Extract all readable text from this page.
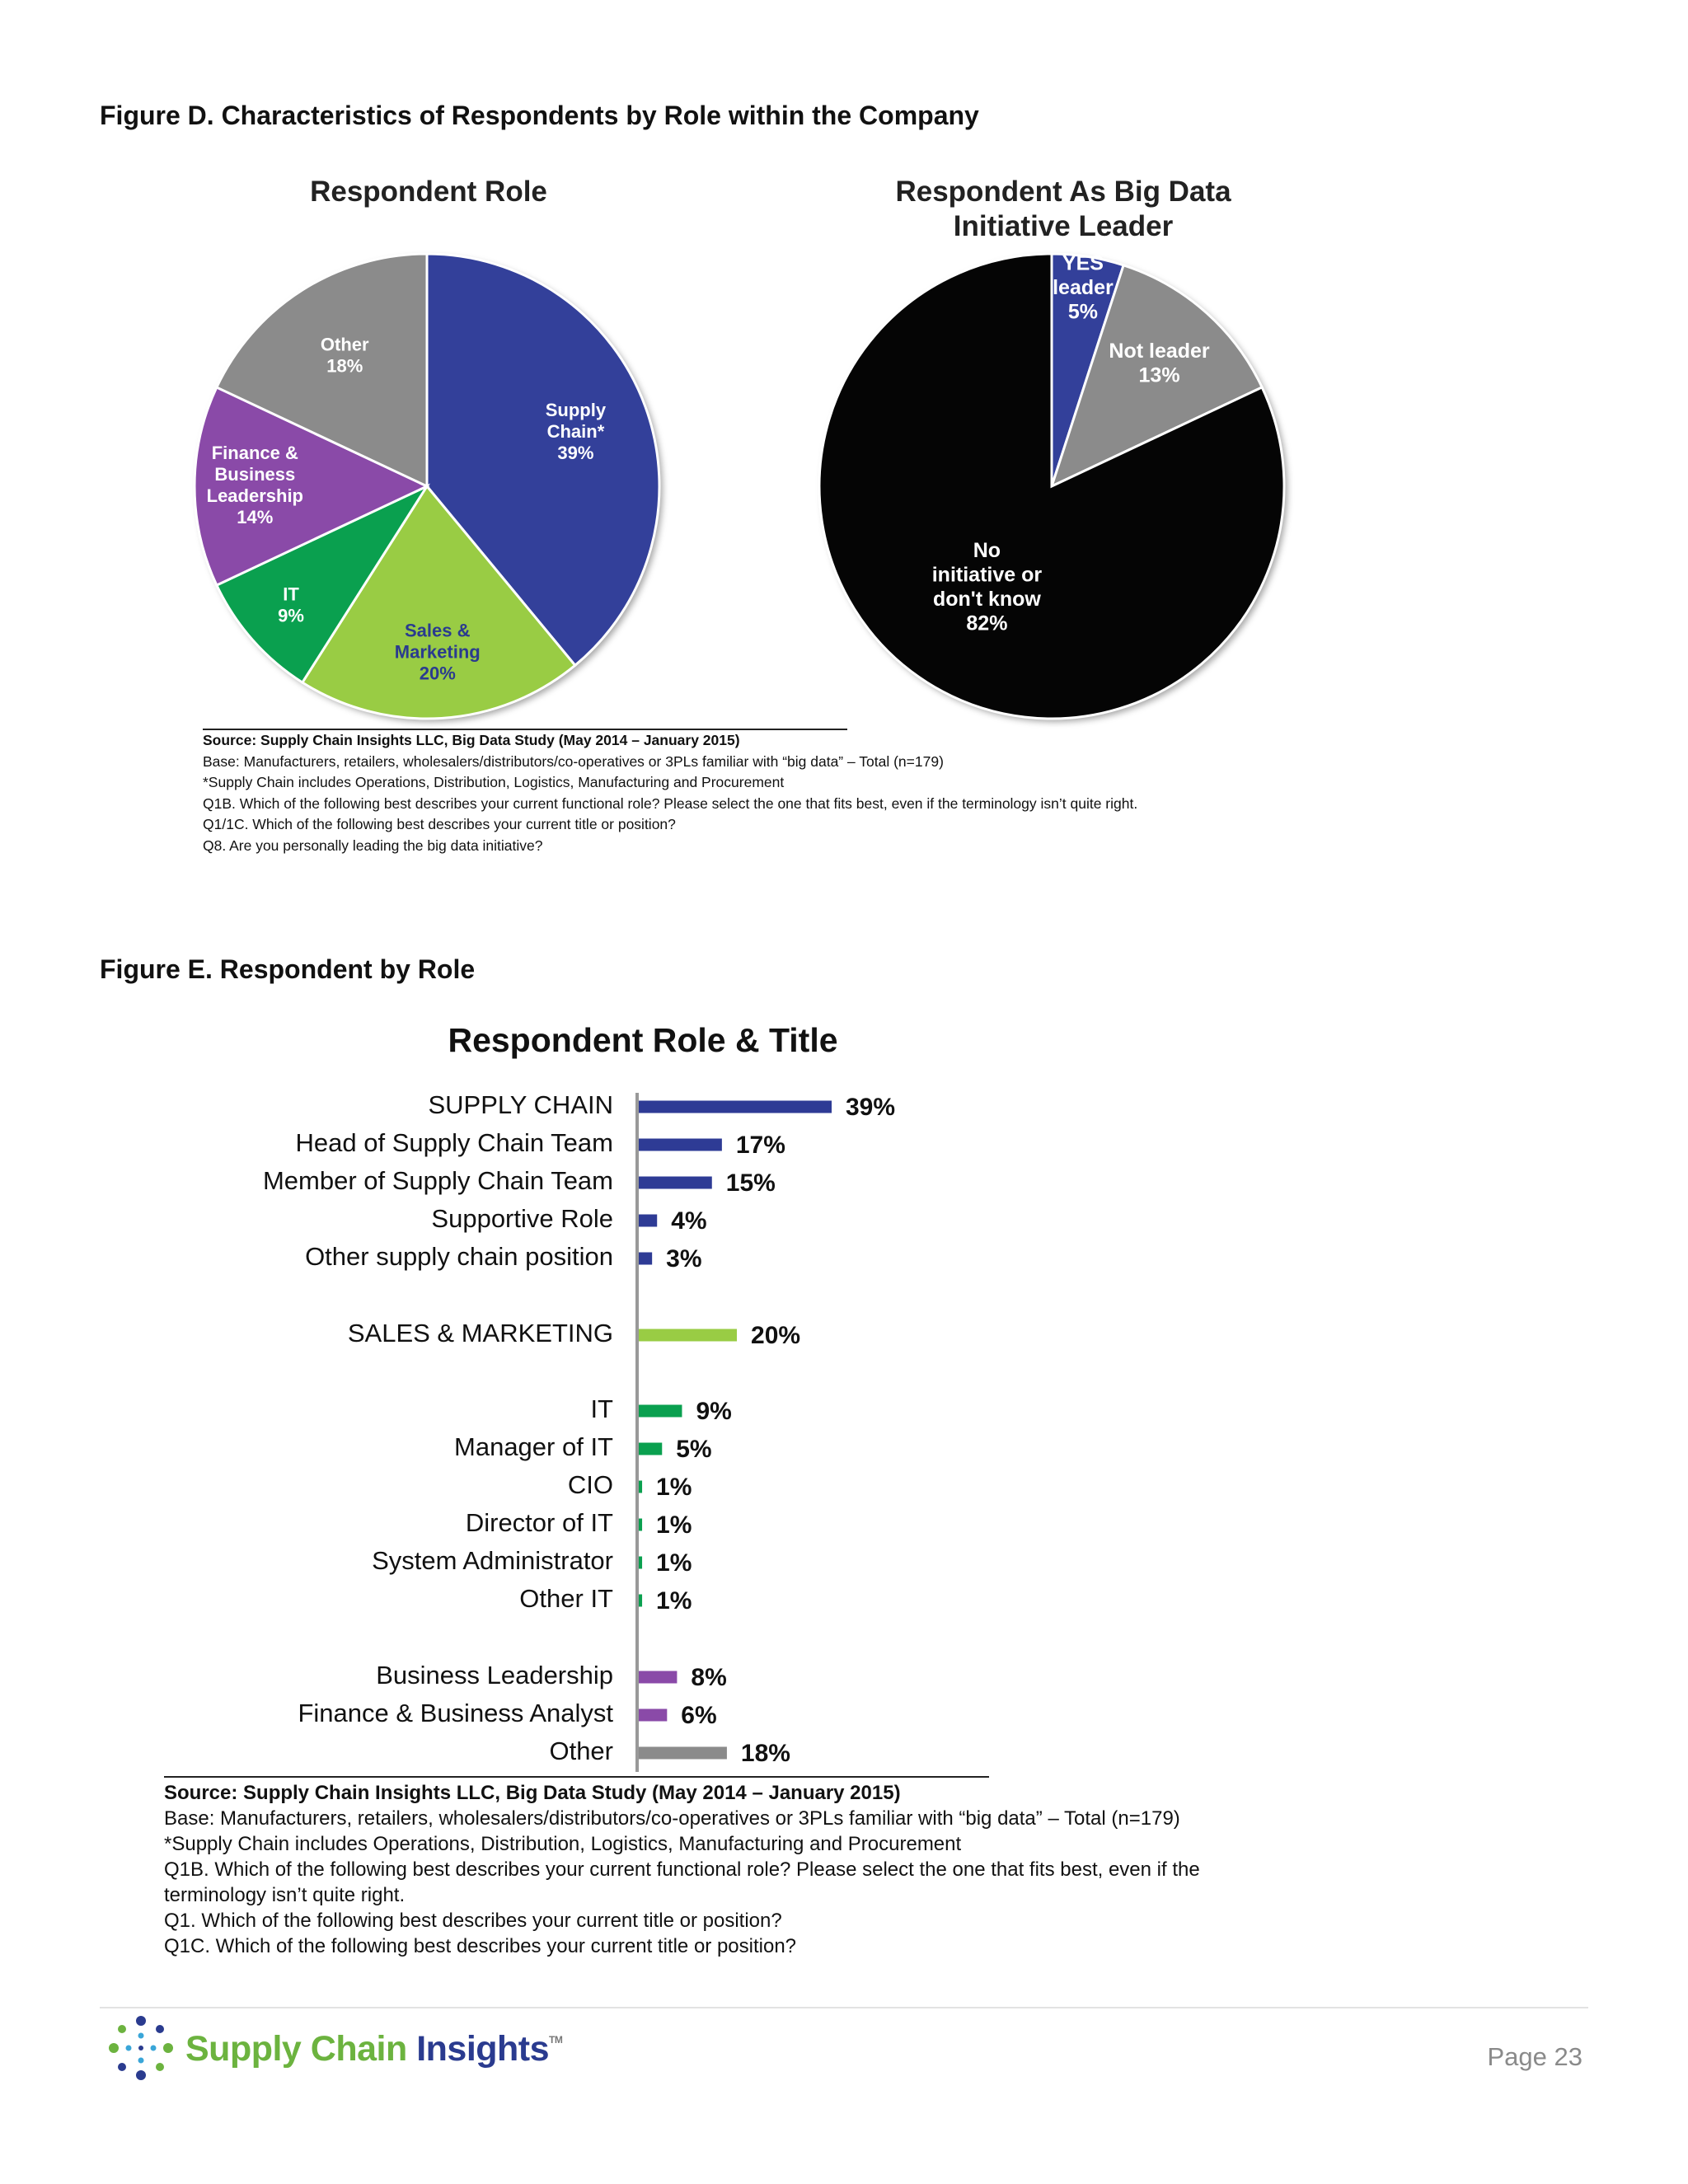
Figure D. Characteristics of Respondents by Role within the Company
Respondent Role	Respondent As Big Data Initiative Leader
Supply Chain* 39%
Sales & Marketing 20%
IT 9%
Finance & Business Leadership 14%
Other 18%
YES leader 5%
Not leader 13%
No initiative or don't know 82%
Respondent Role & Title
SUPPLY CHAIN	39%
Head of Supply Chain Team	17%
Member of Supply Chain Team	15%
Supportive Role 4%
Other supply chain position 3%
SALES & MARKETING	20%
IT	9%
Manager of IT	5%
CIO 1%
Director of IT 1%
System Administrator 1%
Other IT 1%
Business Leadership	8%
Finance & Business Analyst	6%
Other	18%
Source: Supply Chain Insights LLC, Big Data Study (May 2014 – January 2015)
Base: Manufacturers, retailers, wholesalers/distributors/co-operatives or 3PLs familiar with “big data” – Total (n=179)
*Supply Chain includes Operations, Distribution, Logistics, Manufacturing and Procurement
Q1B. Which of the following best describes your current functional role? Please select the one that fits best, even if the terminology isn’t quite right.
Q1/1C. Which of the following best describes your current title or position?
Q8. Are you personally leading the big data initiative?
Figure E. Respondent by Role
Source: Supply Chain Insights LLC, Big Data Study (May 2014 – January 2015)
Base: Manufacturers, retailers, wholesalers/distributors/co-operatives or 3PLs familiar with “big data” – Total (n=179)
*Supply Chain includes Operations, Distribution, Logistics, Manufacturing and Procurement
Q1B. Which of the following best describes your current functional role? Please select the one that fits best, even if the
terminology isn’t quite right.
Q1. Which of the following best describes your current title or position?
Q1C. Which of the following best describes your current title or position?
Supply Chain Insights™
Page 23
